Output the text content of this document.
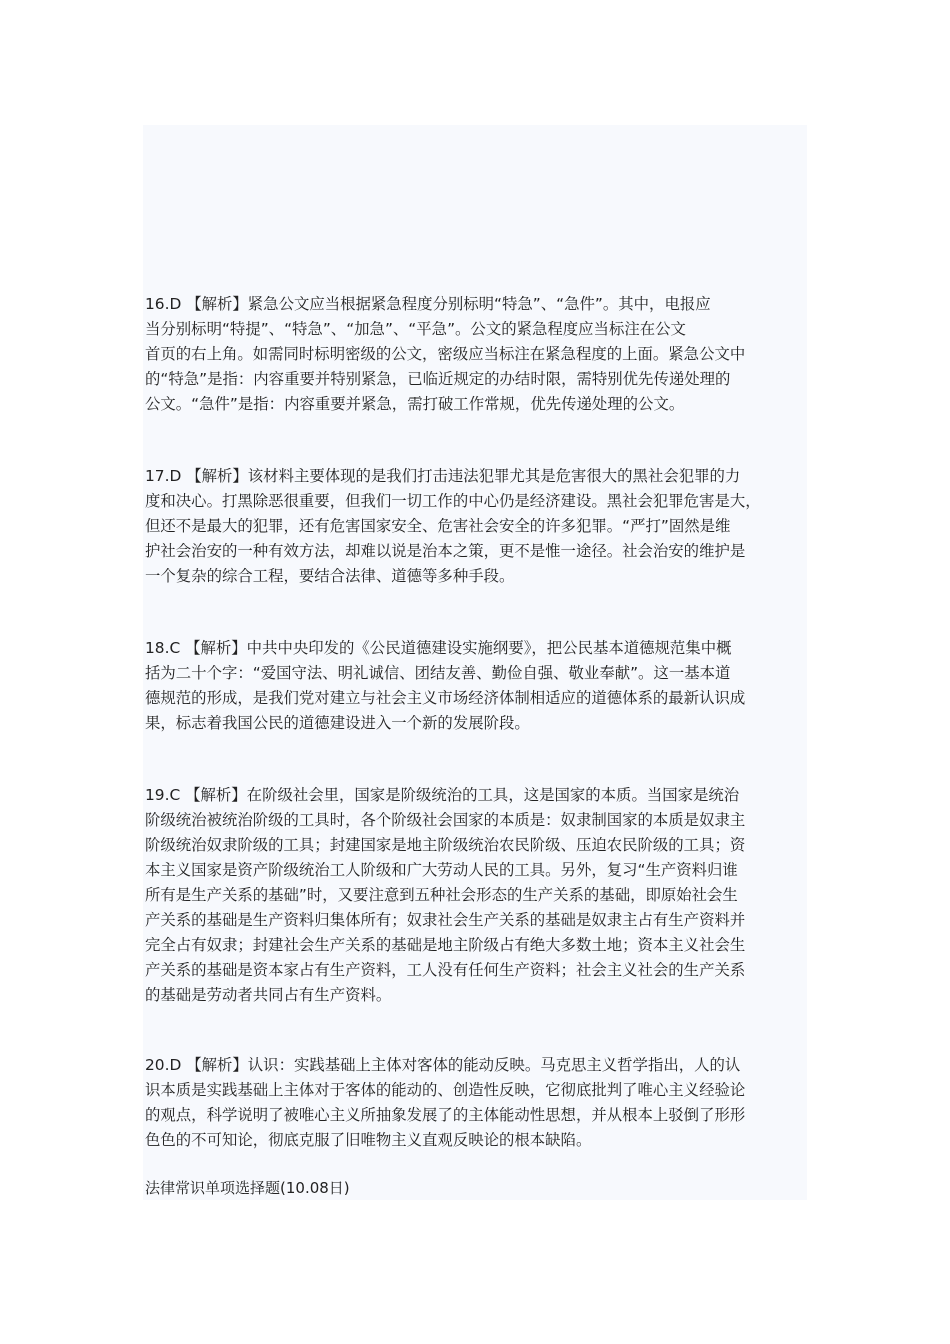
16.D 【解析】紧急公文应当根据紧急程度分别标明“特急”、“急件”。其中，电报应
当分别标明“特提”、“特急”、“加急”、“平急”。公文的紧急程度应当标注在公文
首页的右上角。如需同时标明密级的公文，密级应当标注在紧急程度的上面。紧急公文中
的“特急”是指：内容重要并特别紧急，已临近规定的办结时限，需特别优先传递处理的
公文。“急件”是指：内容重要并紧急，需打破工作常规，优先传递处理的公文。
17.D 【解析】该材料主要体现的是我们打击违法犯罪尤其是危害很大的黑社会犯罪的力
度和决心。打黑除恶很重要，但我们一切工作的中心仍是经济建设。黑社会犯罪危害是大，
但还不是最大的犯罪，还有危害国家安全、危害社会安全的许多犯罪。“严打”固然是维
护社会治安的一种有效方法，却难以说是治本之策，更不是惟一途径。社会治安的维护是
一个复杂的综合工程，要结合法律、道德等多种手段。
18.C 【解析】中共中央印发的《公民道德建设实施纲要》，把公民基本道德规范集中概
括为二十个字：“爱国守法、明礼诚信、团结友善、勤俭自强、敬业奉献”。这一基本道
德规范的形成，是我们党对建立与社会主义市场经济体制相适应的道德体系的最新认识成
果，标志着我国公民的道德建设进入一个新的发展阶段。
19.C 【解析】在阶级社会里，国家是阶级统治的工具，这是国家的本质。当国家是统治
阶级统治被统治阶级的工具时，各个阶级社会国家的本质是：奴隶制国家的本质是奴隶主
阶级统治奴隶阶级的工具；封建国家是地主阶级统治农民阶级、压迫农民阶级的工具；资
本主义国家是资产阶级统治工人阶级和广大劳动人民的工具。另外，复习“生产资料归谁
所有是生产关系的基础”时，又要注意到五种社会形态的生产关系的基础，即原始社会生
产关系的基础是生产资料归集体所有；奴隶社会生产关系的基础是奴隶主占有生产资料并
完全占有奴隶；封建社会生产关系的基础是地主阶级占有绝大多数土地；资本主义社会生
产关系的基础是资本家占有生产资料，工人没有任何生产资料；社会主义社会的生产关系
的基础是劳动者共同占有生产资料。
20.D 【解析】认识：实践基础上主体对客体的能动反映。马克思主义哲学指出，人的认
识本质是实践基础上主体对于客体的能动的、创造性反映，它彻底批判了唯心主义经验论
的观点，科学说明了被唯心主义所抽象发展了的主体能动性思想，并从根本上驳倒了形形
色色的不可知论，彻底克服了旧唯物主义直观反映论的根本缺陷。
法律常识单项选择题(10.08日)
